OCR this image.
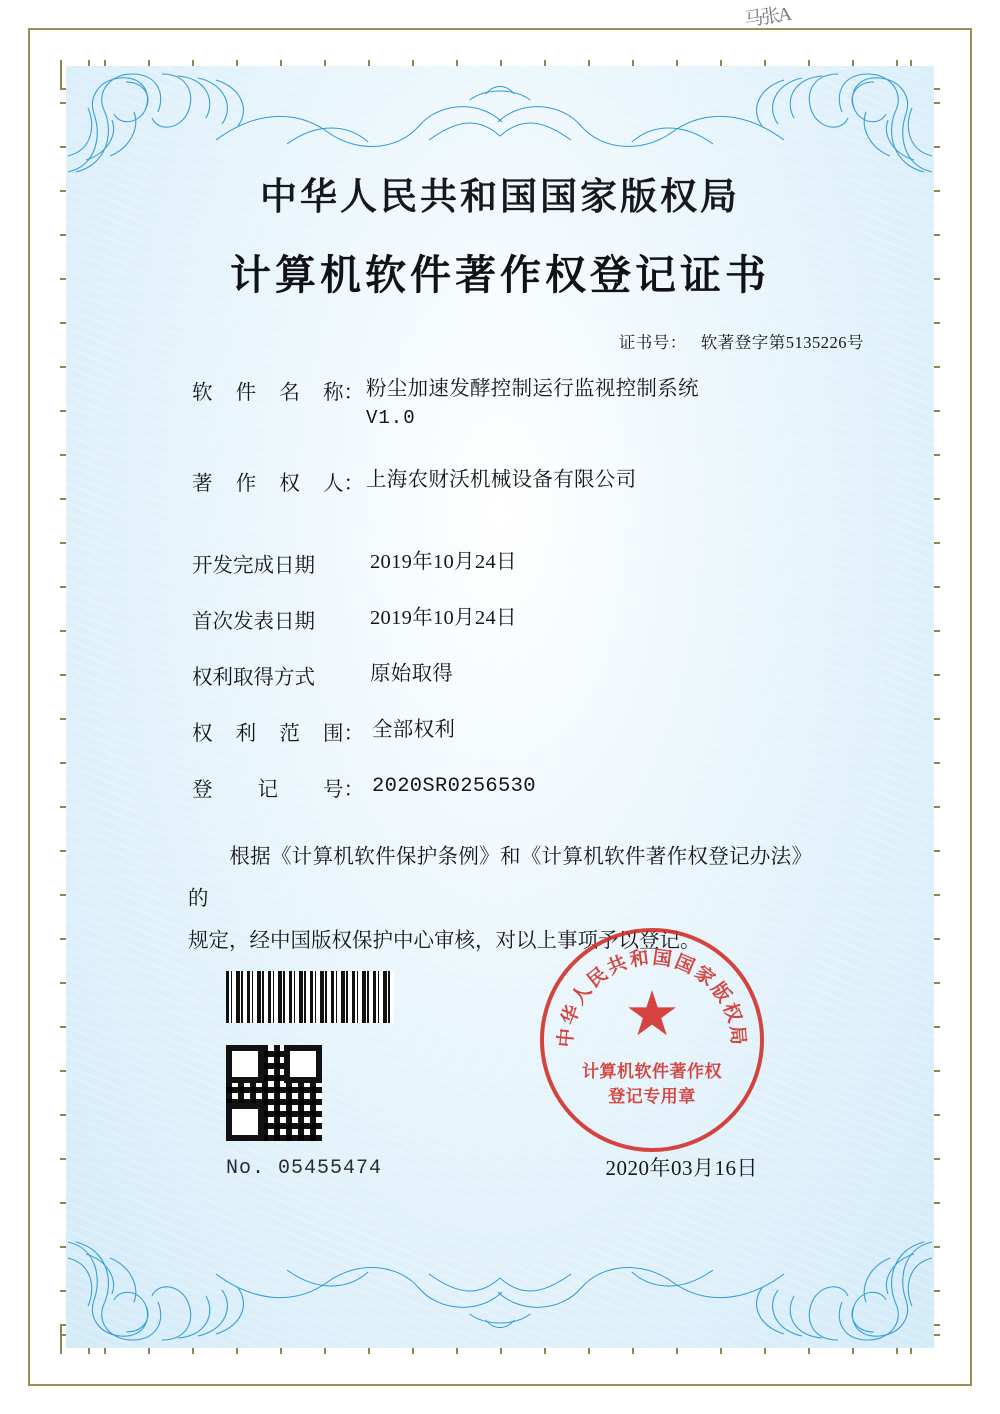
马张A
中华人民共和国国家版权局
计算机软件著作权登记证书
证书号： 软著登字第5135226号
软 件 名 称： 粉尘加速发酵控制运行监视控制系统
V1.0
著 作 权 人： 上海农财沃机械设备有限公司
开发完成日期	2019年10月24日
首次发表日期	2019年10月24日
权利取得方式	原始取得
权 利 范 围： 全部权利
登 记 号： 2020SR0256530
根据《计算机软件保护条例》和《计算机软件著作权登记办法》的
规定，经中国版权保护中心审核，对以上事项予以登记。
中华人民共和国国家版权局
★
计算机软件著作权
登记专用章
No. 05455474	2020年03月16日
